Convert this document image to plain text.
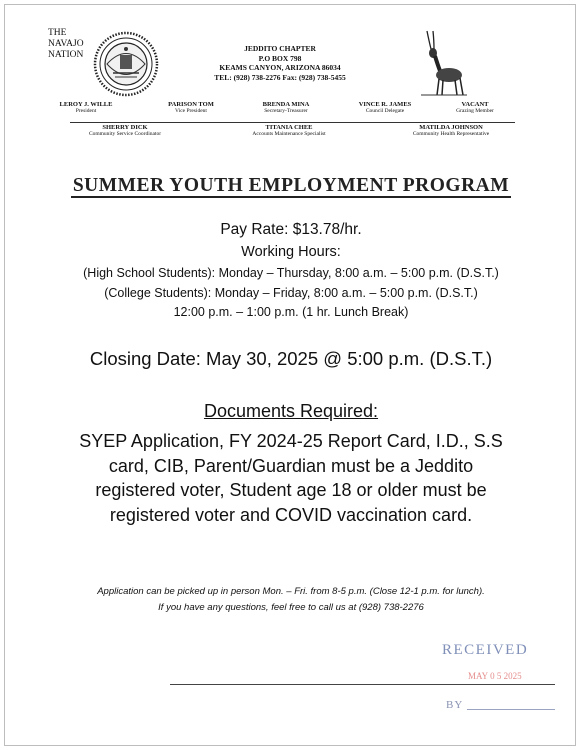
THE
NAVAJO
NATION
JEDDITO CHAPTER
P.O BOX 798
KEAMS CANYON, ARIZONA 86034
TEL: (928) 738-2276 Fax: (928) 738-5455
LEROY J. WILLE
President
PARISON TOM
Vice President
BRENDA MINA
Secretary-Treasurer
VINCE R. JAMES
Council Delegate
VACANT
Grazing Member
SHERRY DICK
Community Service Coordinator
TITANIA CHEE
Accounts Maintenance Specialist
MATILDA JOHNSON
Community Health Representative
SUMMER YOUTH EMPLOYMENT PROGRAM
Pay Rate: $13.78/hr.
Working Hours:
(High School Students): Monday – Thursday, 8:00 a.m. – 5:00 p.m. (D.S.T.)
(College Students): Monday – Friday, 8:00 a.m. – 5:00 p.m. (D.S.T.)
12:00 p.m. – 1:00 p.m. (1 hr. Lunch Break)
Closing Date: May 30, 2025 @ 5:00 p.m. (D.S.T.)
Documents Required:
SYEP Application, FY 2024-25 Report Card, I.D., S.S
card, CIB, Parent/Guardian must be a Jeddito
registered voter, Student age 18 or older must be
registered voter and COVID vaccination card.
Application can be picked up in person Mon. – Fri. from 8-5 p.m. (Close 12-1 p.m. for lunch).
If you have any questions, feel free to call us at (928) 738-2276
RECEIVED
MAY 0 5 2025
BY
